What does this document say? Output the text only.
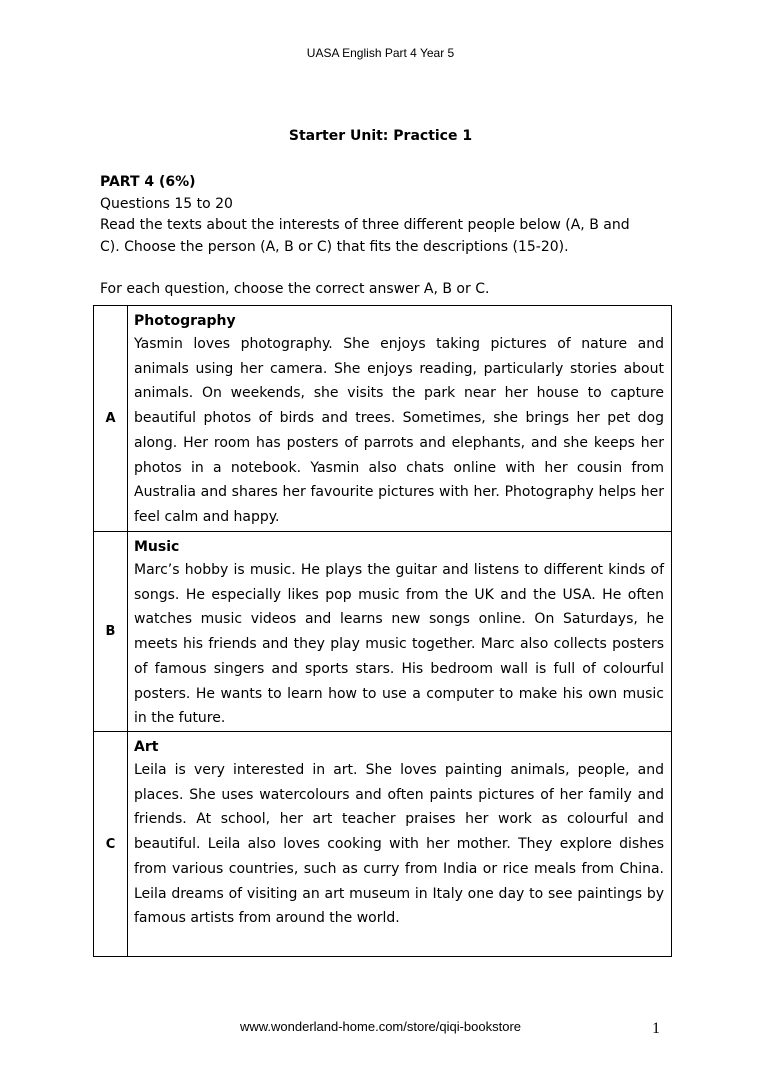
UASA English Part 4 Year 5
Starter Unit: Practice 1
PART 4 (6%)
Questions 15 to 20
Read the texts about the interests of three different people below (A, B and
C). Choose the person (A, B or C) that fits the descriptions (15-20).
For each question, choose the correct answer A, B or C.
A	Photography
Yasmin loves photography. She enjoys taking pictures of nature and animals using her camera. She enjoys reading, particularly stories about animals. On weekends, she visits the park near her house to capture beautiful photos of birds and trees. Sometimes, she brings her pet dog along. Her room has posters of parrots and elephants, and she keeps her photos in a notebook. Yasmin also chats online with her cousin from Australia and shares her favourite pictures with her. Photography helps her feel calm and happy.

B	Music
Marc’s hobby is music. He plays the guitar and listens to different kinds of songs. He especially likes pop music from the UK and the USA. He often watches music videos and learns new songs online. On Saturdays, he meets his friends and they play music together. Marc also collects posters of famous singers and sports stars. His bedroom wall is full of colourful posters. He wants to learn how to use a computer to make his own music in the future.

C	Art
Leila is very interested in art. She loves painting animals, people, and places. She uses watercolours and often paints pictures of her family and friends. At school, her art teacher praises her work as colourful and beautiful. Leila also loves cooking with her mother. They explore dishes from various countries, such as curry from India or rice meals from China. Leila dreams of visiting an art museum in Italy one day to see paintings by famous artists from around the world.
www.wonderland-home.com/store/qiqi-bookstore	1
